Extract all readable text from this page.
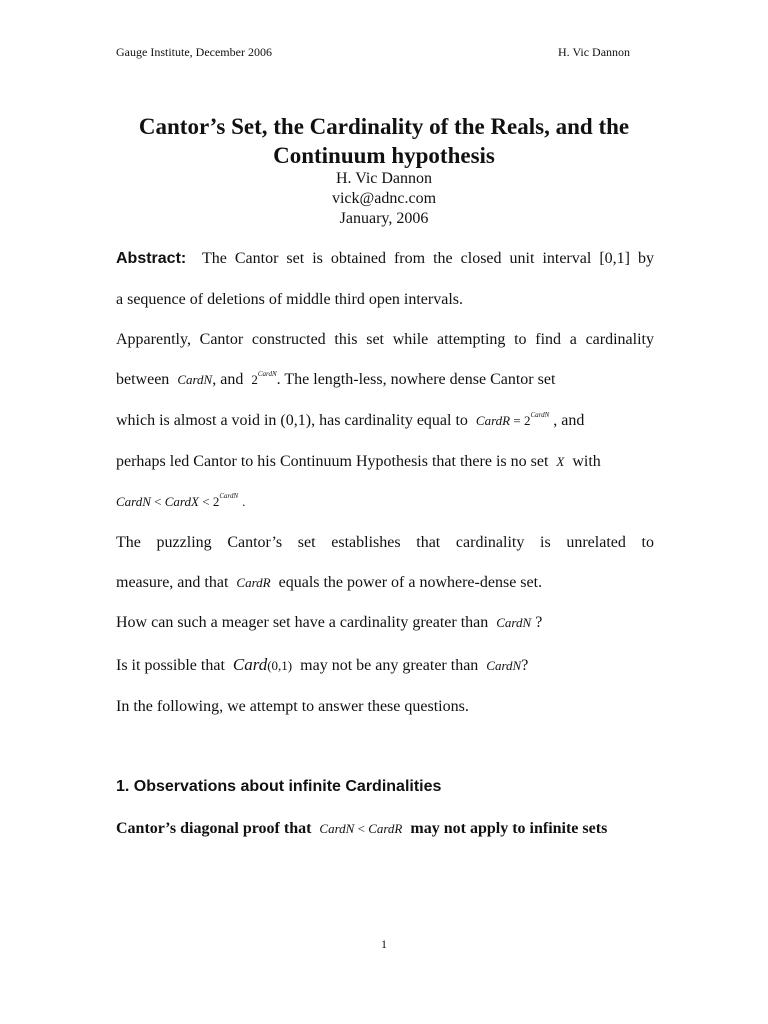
Gauge Institute, December 2006	H. Vic Dannon
Cantor’s Set, the Cardinality of the Reals, and the
Continuum hypothesis
H. Vic Dannon
vick@adnc.com
January, 2006
Abstract: The Cantor set is obtained from the closed unit interval [0,1] by
a sequence of deletions of middle third open intervals.
Apparently, Cantor constructed this set while attempting to find a cardinality
between CardN, and $2^{CardN}$. The length-less, nowhere dense Cantor set
which is almost a void in (0,1), has cardinality equal to CardR = $2^{CardN}$ , and
perhaps led Cantor to his Continuum Hypothesis that there is no set X with
CardN < CardX < $2^{CardN}$ .
The puzzling Cantor’s set establishes that cardinality is unrelated to
measure, and that CardR equals the power of a nowhere-dense set.
How can such a meager set have a cardinality greater than CardN ?
Is it possible that Card(0,1) may not be any greater than CardN?
In the following, we attempt to answer these questions.
1. Observations about infinite Cardinalities
Cantor’s diagonal proof that CardN < CardR may not apply to infinite sets
1
